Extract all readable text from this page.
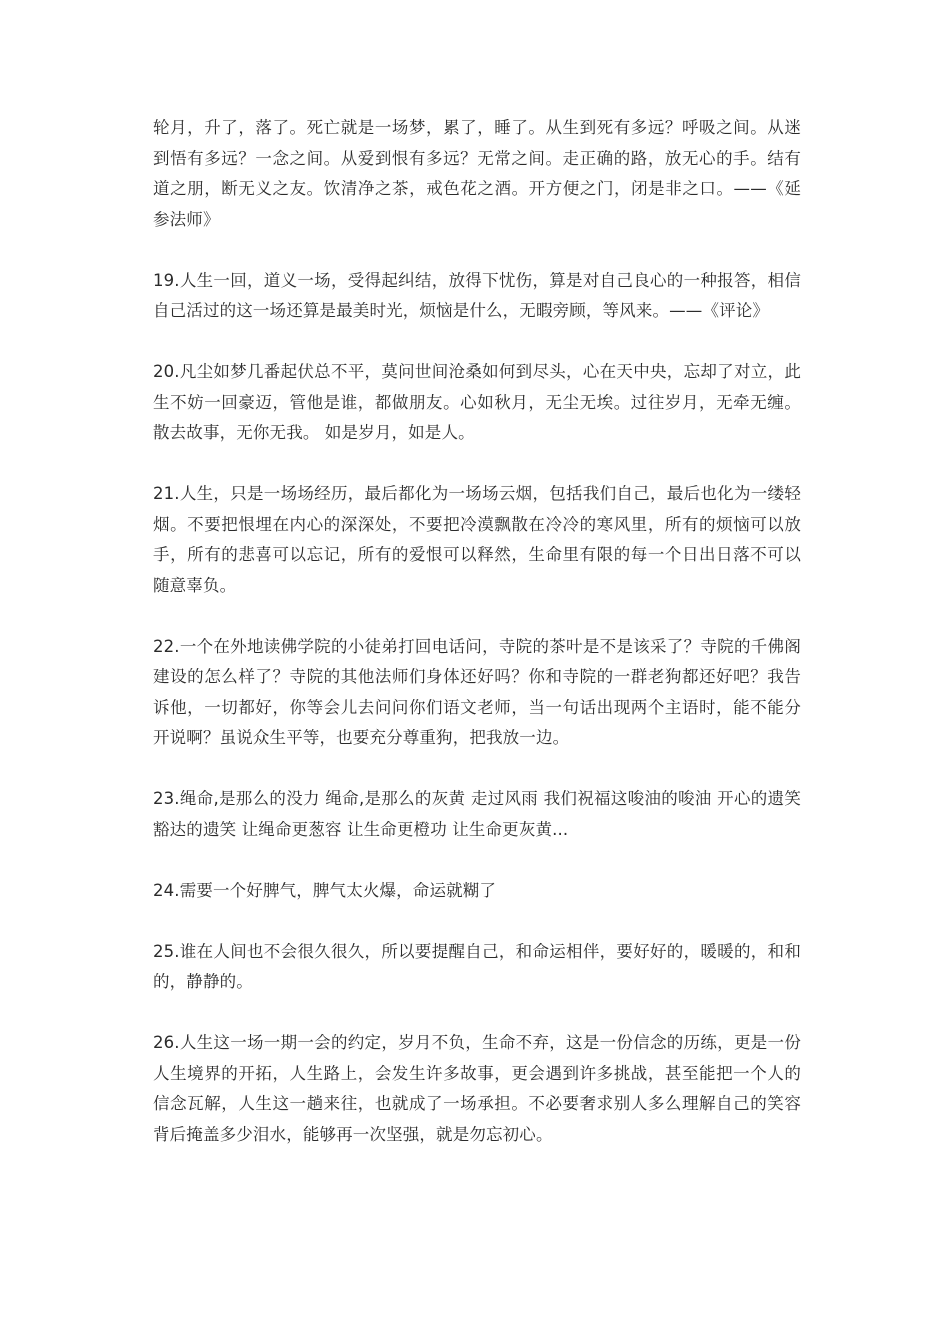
轮月，升了，落了。死亡就是一场梦，累了，睡了。从生到死有多远？呼吸之间。从迷到悟有多远？一念之间。从爱到恨有多远？无常之间。走正确的路，放无心的手。结有道之朋，断无义之友。饮清净之茶，戒色花之酒。开方便之门，闭是非之口。——《延参法师》

19.人生一回，道义一场，受得起纠结，放得下忧伤，算是对自己良心的一种报答，相信自己活过的这一场还算是最美时光，烦恼是什么，无暇旁顾，等风来。——《评论》

20.凡尘如梦几番起伏总不平，莫问世间沧桑如何到尽头，心在天中央，忘却了对立，此生不妨一回豪迈，管他是谁，都做朋友。心如秋月，无尘无埃。过往岁月，无牵无缠。散去故事，无你无我。 如是岁月，如是人。

21.人生，只是一场场经历，最后都化为一场场云烟，包括我们自己，最后也化为一缕轻烟。不要把恨埋在内心的深深处，不要把冷漠飘散在冷冷的寒风里，所有的烦恼可以放手，所有的悲喜可以忘记，所有的爱恨可以释然，生命里有限的每一个日出日落不可以随意辜负。

22.一个在外地读佛学院的小徒弟打回电话问，寺院的茶叶是不是该采了？寺院的千佛阁建设的怎么样了？寺院的其他法师们身体还好吗？你和寺院的一群老狗都还好吧？我告诉他，一切都好，你等会儿去问问你们语文老师，当一句话出现两个主语时，能不能分开说啊？虽说众生平等，也要充分尊重狗，把我放一边。

23.绳命,是那么的没力 绳命,是那么的灰黄 走过风雨 我们祝福这唆油的唆油 开心的遗笑 豁达的遗笑 让绳命更葱容 让生命更橙功 让生命更灰黄...

24.需要一个好脾气，脾气太火爆，命运就糊了

25.谁在人间也不会很久很久，所以要提醒自己，和命运相伴，要好好的，暖暖的，和和的，静静的。

26.人生这一场一期一会的约定，岁月不负，生命不弃，这是一份信念的历练，更是一份人生境界的开拓，人生路上，会发生许多故事，更会遇到许多挑战，甚至能把一个人的信念瓦解，人生这一趟来往，也就成了一场承担。不必要奢求别人多么理解自己的笑容背后掩盖多少泪水，能够再一次坚强，就是勿忘初心。
